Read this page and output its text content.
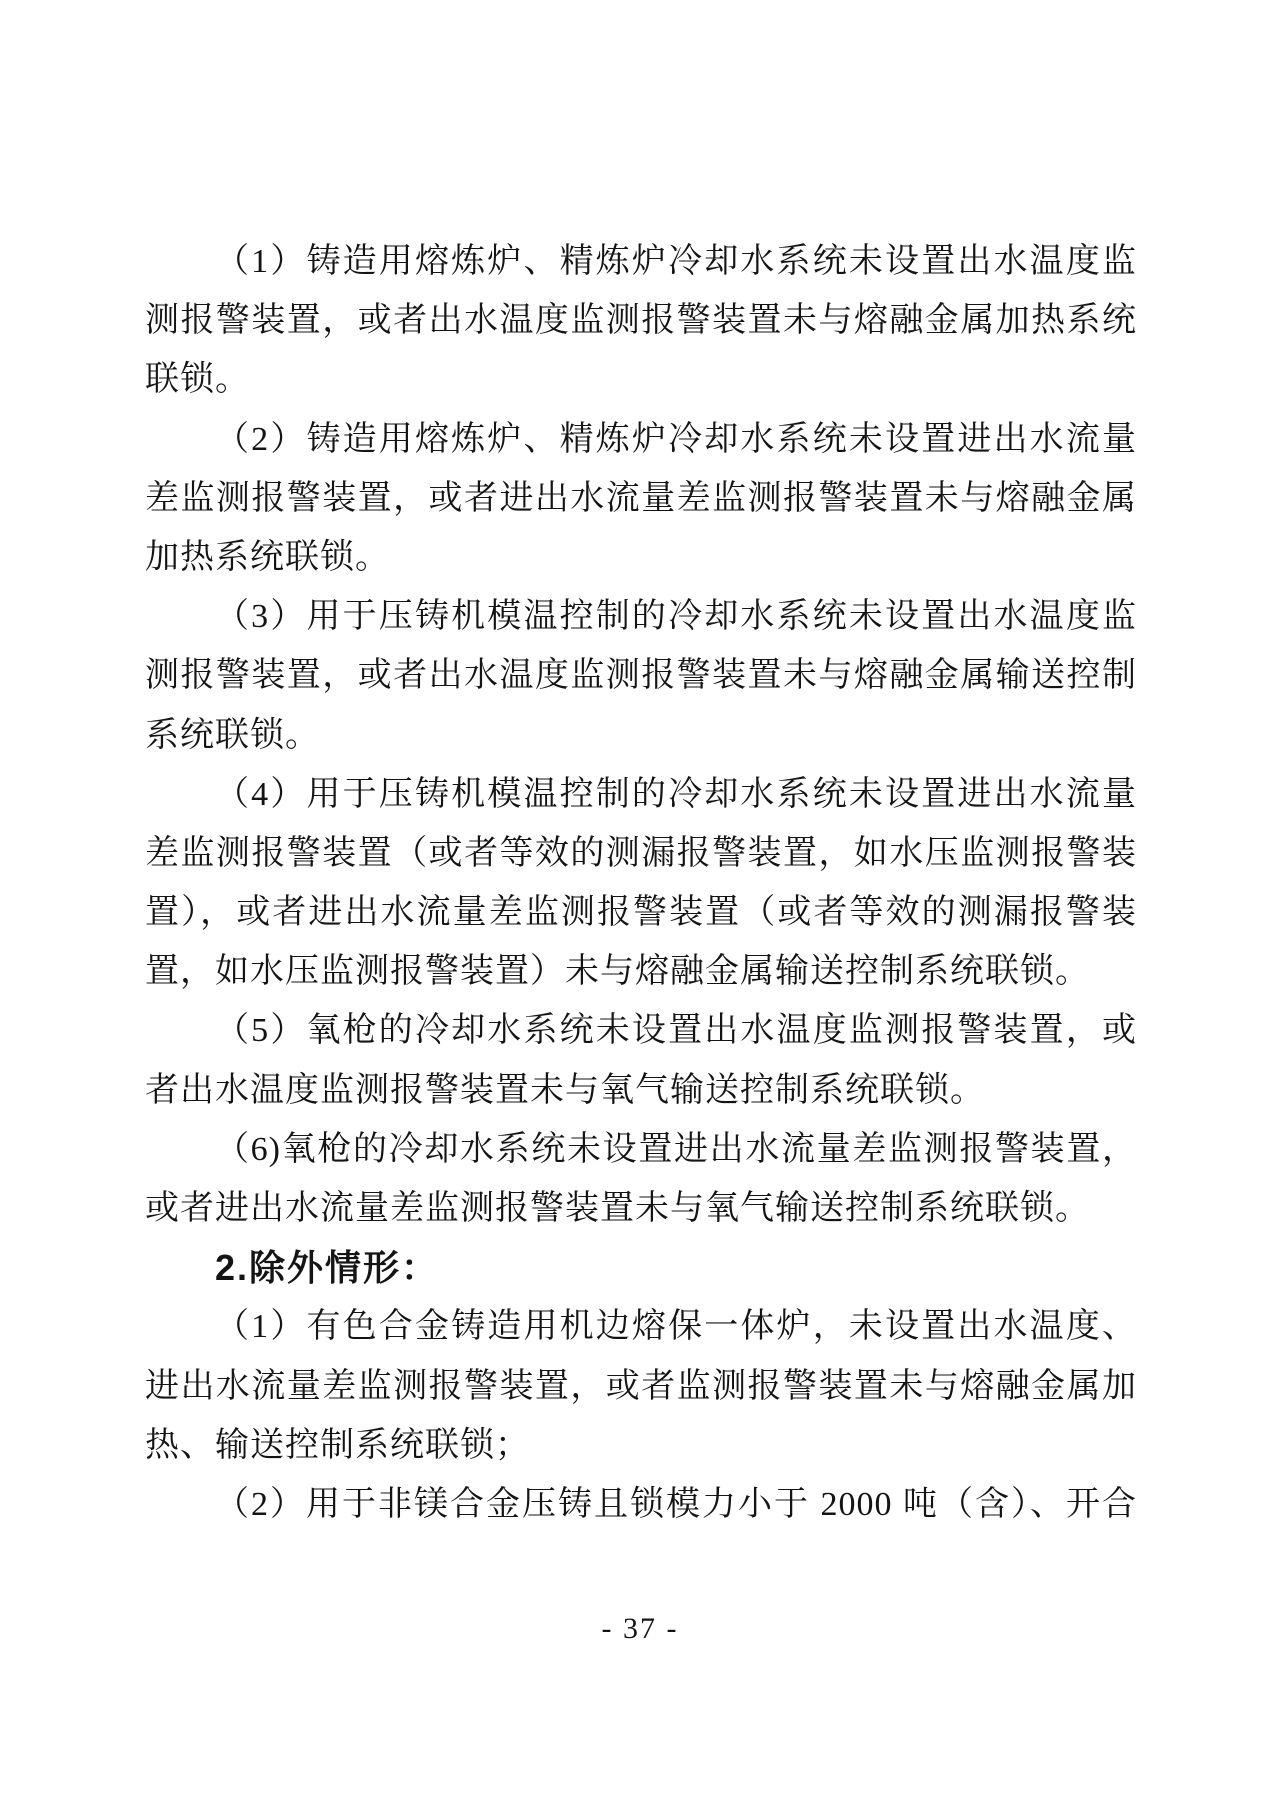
（1）铸造用熔炼炉、精炼炉冷却水系统未设置出水温度监
测报警装置，或者出水温度监测报警装置未与熔融金属加热系统
联锁。
（2）铸造用熔炼炉、精炼炉冷却水系统未设置进出水流量
差监测报警装置，或者进出水流量差监测报警装置未与熔融金属
加热系统联锁。
（3）用于压铸机模温控制的冷却水系统未设置出水温度监
测报警装置，或者出水温度监测报警装置未与熔融金属输送控制
系统联锁。
（4）用于压铸机模温控制的冷却水系统未设置进出水流量
差监测报警装置（或者等效的测漏报警装置，如水压监测报警装
置），或者进出水流量差监测报警装置（或者等效的测漏报警装
置，如水压监测报警装置）未与熔融金属输送控制系统联锁。
（5）氧枪的冷却水系统未设置出水温度监测报警装置，或
者出水温度监测报警装置未与氧气输送控制系统联锁。
（6)氧枪的冷却水系统未设置进出水流量差监测报警装置，
或者进出水流量差监测报警装置未与氧气输送控制系统联锁。
2.除外情形：
（1）有色合金铸造用机边熔保一体炉，未设置出水温度、
进出水流量差监测报警装置，或者监测报警装置未与熔融金属加
热、输送控制系统联锁；
（2）用于非镁合金压铸且锁模力小于 2000 吨（含）、开合
- 37 -
